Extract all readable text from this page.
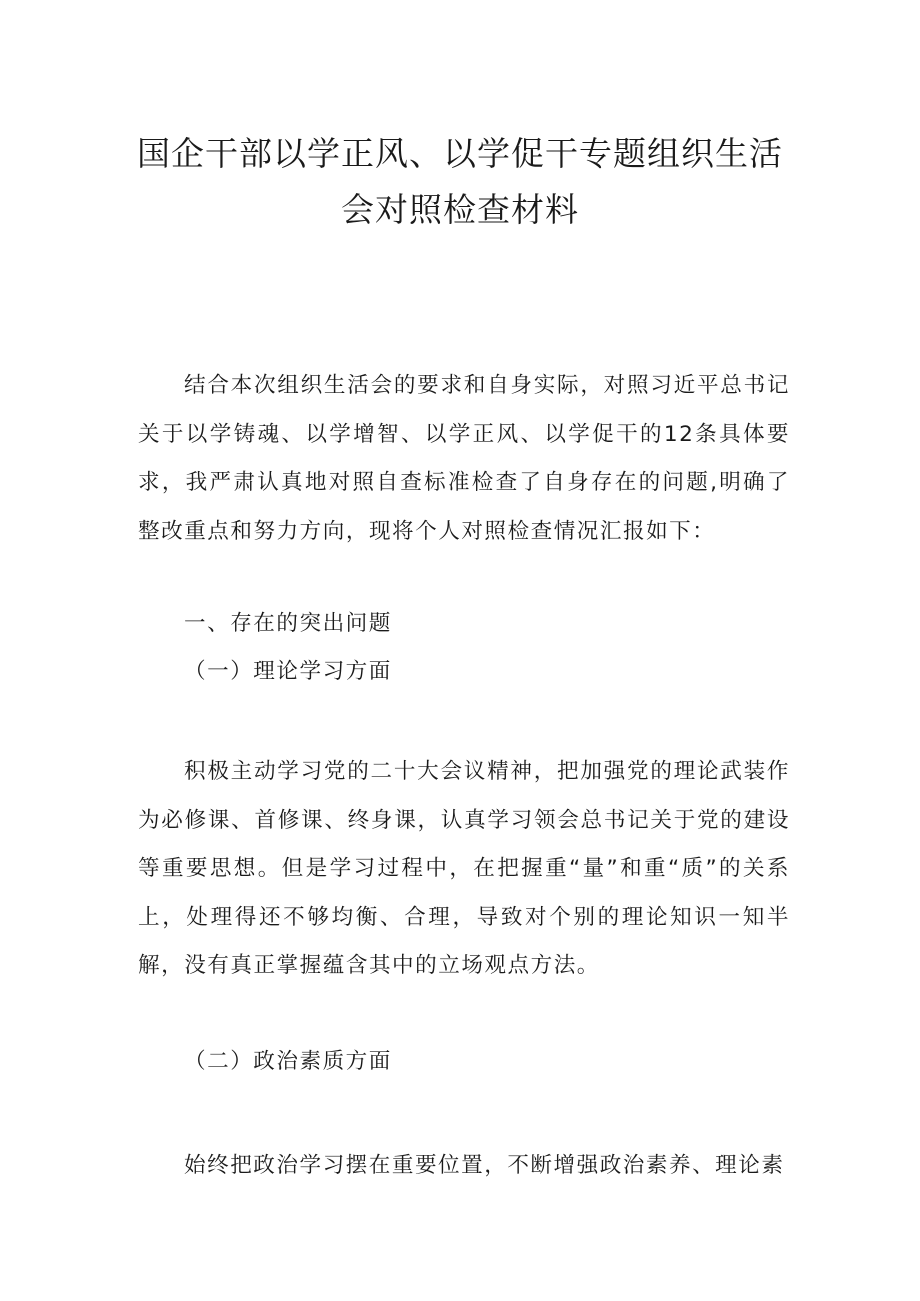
国企干部以学正风、以学促干专题组织生活
会对照检查材料

结合本次组织生活会的要求和自身实际，对照习近平总书记关于以学铸魂、以学增智、以学正风、以学促干的12条具体要求，我严肃认真地对照自查标准检查了自身存在的问题,明确了整改重点和努力方向，现将个人对照检查情况汇报如下：

一、存在的突出问题
（一）理论学习方面

积极主动学习党的二十大会议精神，把加强党的理论武装作为必修课、首修课、终身课，认真学习领会总书记关于党的建设等重要思想。但是学习过程中，在把握重“量”和重“质”的关系上，处理得还不够均衡、合理，导致对个别的理论知识一知半解，没有真正掌握蕴含其中的立场观点方法。

（二）政治素质方面

始终把政治学习摆在重要位置，不断增强政治素养、理论素
